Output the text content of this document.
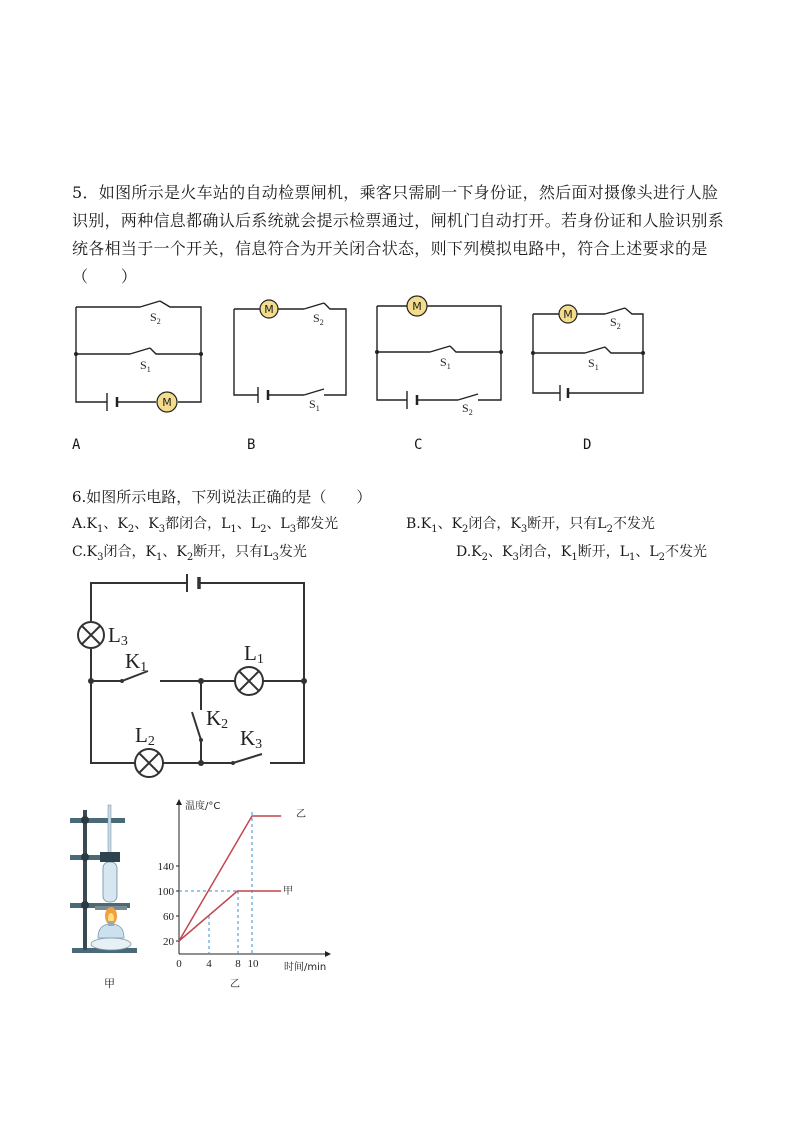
5．如图所示是火车站的自动检票闸机，乘客只需刷一下身份证，然后面对摄像头进行人脸识别，两种信息都确认后系统就会提示检票通过，闸机门自动打开。若身份证和人脸识别系统各相当于一个开关，信息符合为开关闭合状态，则下列模拟电路中，符合上述要求的是（　　）
M
M	M
M
$S_2$
$S_1$
$S_2$
$S_1$
$S_1$
$S_2$
$S_2$
$S_1$
A	B	C	D
6.如图所示电路，下列说法正确的是（　　）
$A.K_1$、$K_2$、$K_3$都闭合，$L_1$、$L_2$、$L_3$都发光	$B.K_1$、$K_2$闭合，$K_3$断开，只有$L_2$不发光
$C.K_3$闭合，$K_1$、$K_2$断开，只有$L_3$发光	$D.K_2$、$K_3$闭合，$K_1$断开，$L_1$、$L_2$不发光
L3
K1
L1
K2
L2	K3
甲
140
100
60
20
0 4 8 10
温度/°C
时间/min
乙
甲
乙
